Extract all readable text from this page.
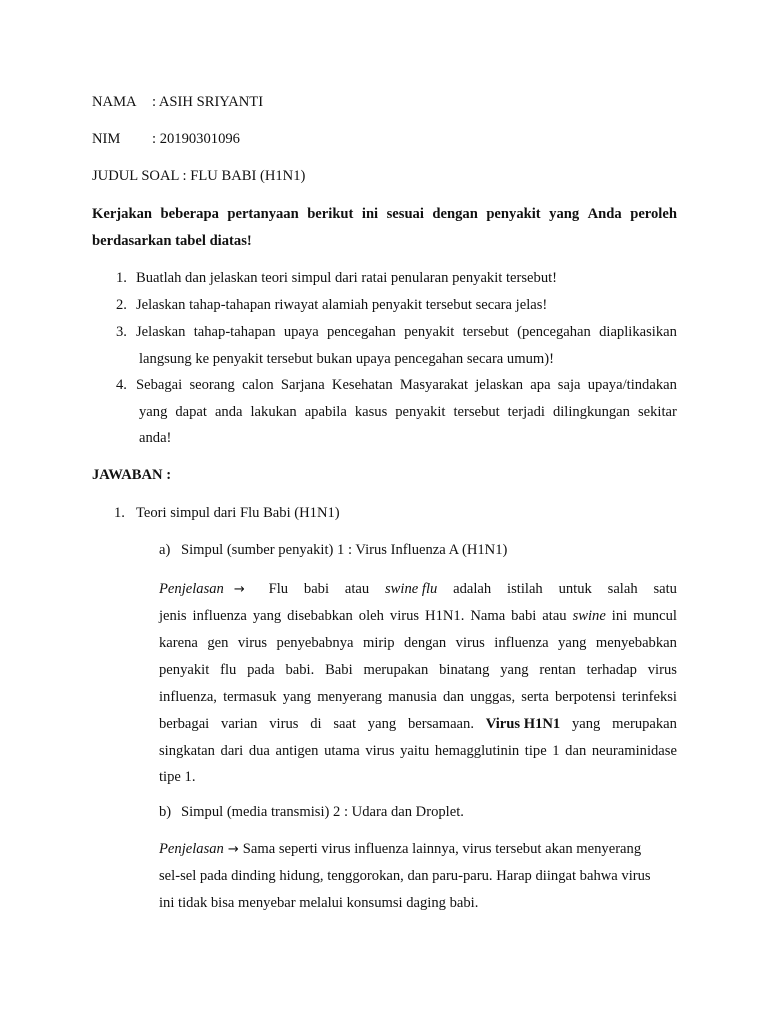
NAMA : ASIH SRIYANTI
NIM : 20190301096
JUDUL SOAL : FLU BABI (H1N1)
Kerjakan beberapa pertanyaan berikut ini sesuai dengan penyakit yang Anda peroleh
berdasarkan tabel diatas!
1. Buatlah dan jelaskan teori simpul dari ratai penularan penyakit tersebut!
2. Jelaskan tahap-tahapan riwayat alamiah penyakit tersebut secara jelas!
3. Jelaskan tahap-tahapan upaya pencegahan penyakit tersebut (pencegahan diaplikasikan
langsung ke penyakit tersebut bukan upaya pencegahan secara umum)!
4. Sebagai seorang calon Sarjana Kesehatan Masyarakat jelaskan apa saja upaya/tindakan
yang dapat anda lakukan apabila kasus penyakit tersebut terjadi dilingkungan sekitar
anda!
JAWABAN :
1. Teori simpul dari Flu Babi (H1N1)
a) Simpul (sumber penyakit) 1 : Virus Influenza A (H1N1)
Penjelasan →	Flu babi atau swine flu adalah istilah untuk salah satu
jenis influenza yang disebabkan oleh virus H1N1. Nama babi atau swine ini muncul
karena gen virus penyebabnya mirip dengan virus influenza yang menyebabkan
penyakit flu pada babi. Babi merupakan binatang yang rentan terhadap virus
influenza, termasuk yang menyerang manusia dan unggas, serta berpotensi terinfeksi
berbagai varian virus di saat yang bersamaan. Virus H1N1 yang merupakan
singkatan dari dua antigen utama virus yaitu hemagglutinin tipe 1 dan neuraminidase
tipe 1.
b) Simpul (media transmisi) 2 : Udara dan Droplet.
Penjelasan → Sama seperti virus influenza lainnya, virus tersebut akan menyerang
sel-sel pada dinding hidung, tenggorokan, dan paru-paru. Harap diingat bahwa virus
ini tidak bisa menyebar melalui konsumsi daging babi.
